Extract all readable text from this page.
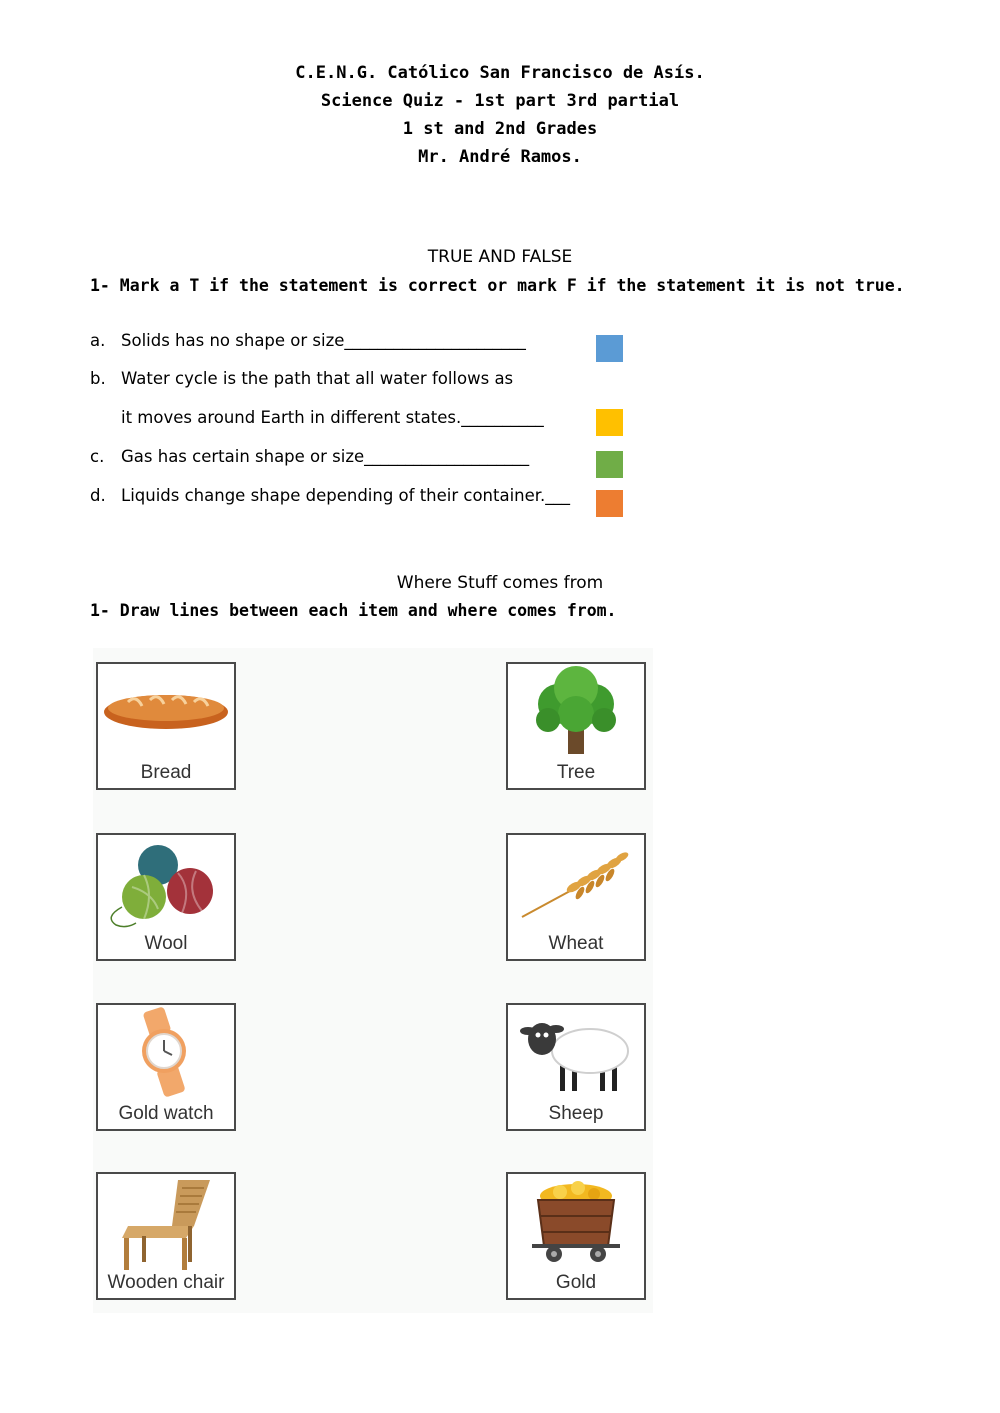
C.E.N.G. Católico San Francisco de Asís.
Science Quiz - 1st part 3rd partial
1 st and 2nd Grades
Mr. André Ramos.
TRUE AND FALSE
1- Mark a T if the statement is correct or mark F if the statement it is not true.
a. Solids has no shape or size______________________
b. Water cycle is the path that all water follows as
it moves around Earth in different states.__________
c. Gas has certain shape or size____________________
d. Liquids change shape depending of their container.___
Where Stuff comes from
1- Draw lines between each item and where comes from.
Bread
Wool
Gold watch
Wooden chair
Tree
Wheat
Sheep
Gold
